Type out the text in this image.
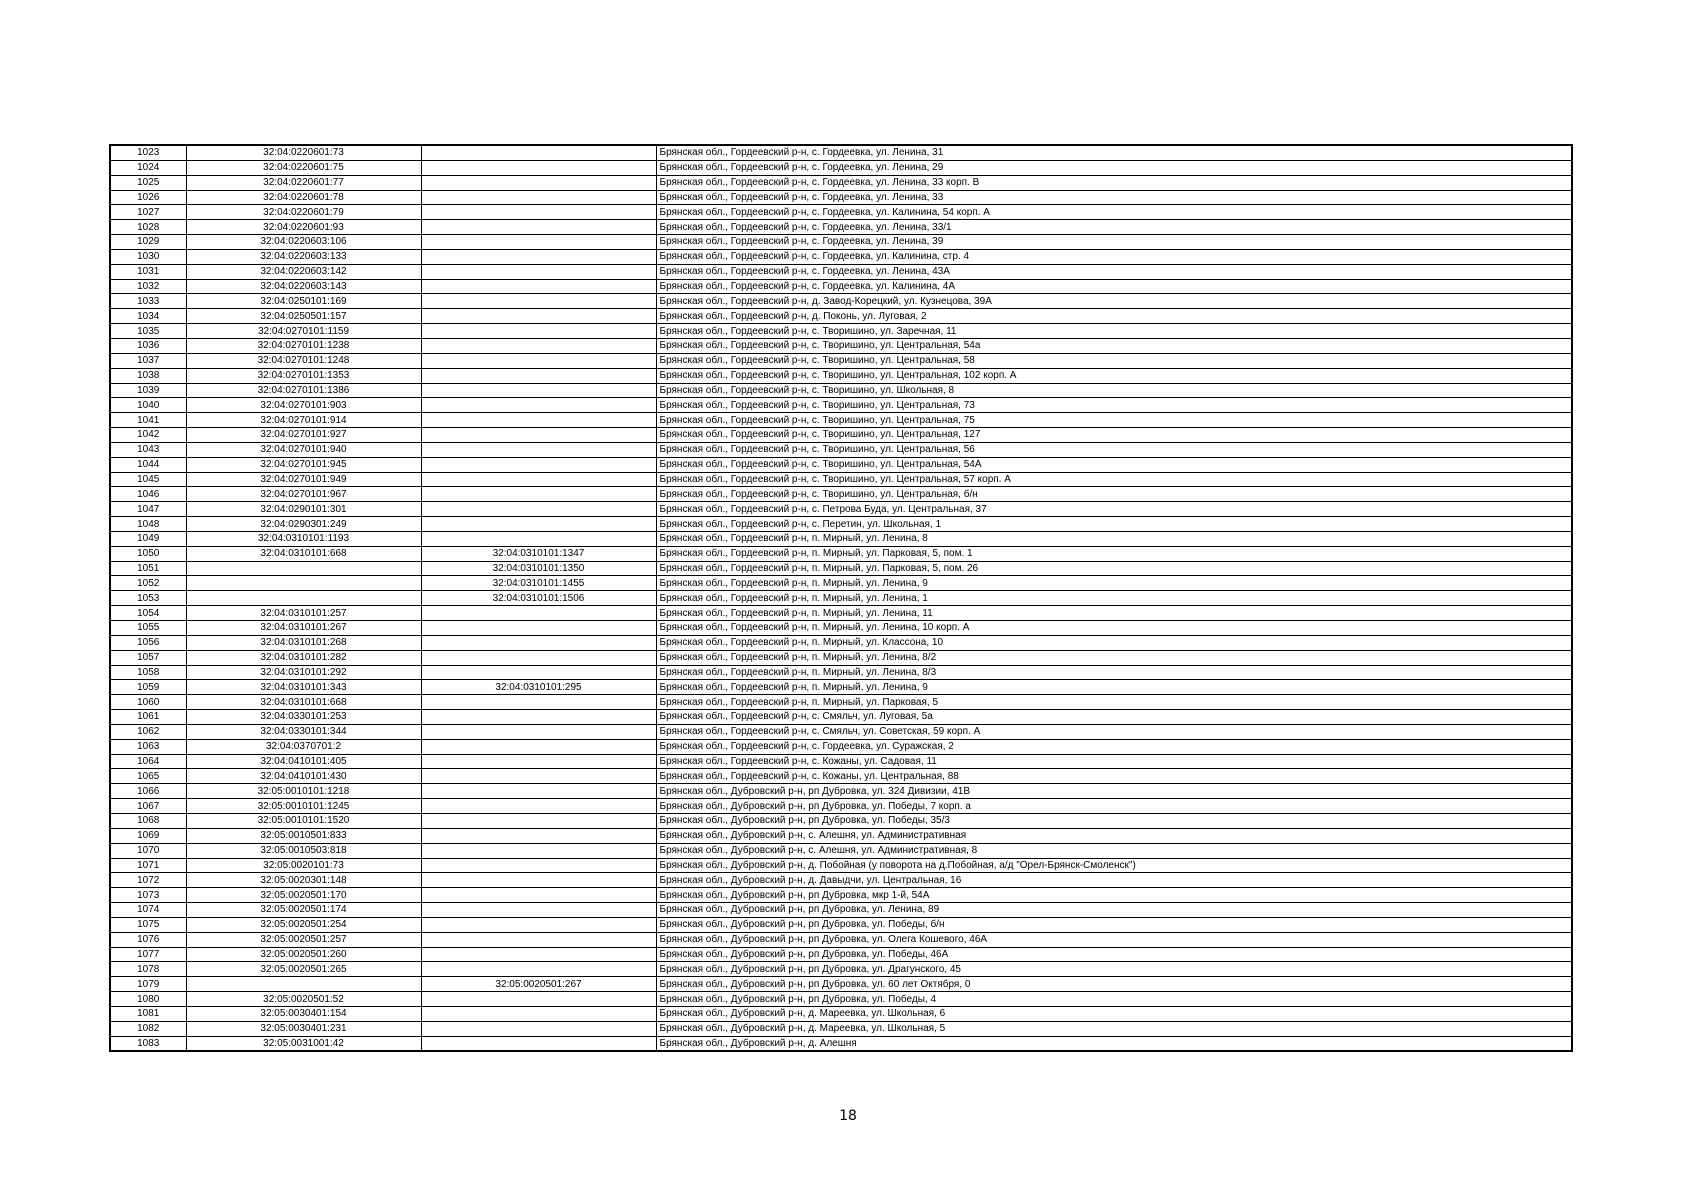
1023	32:04:0220601:73		Брянская обл., Гордеевский р-н, с. Гордеевка, ул. Ленина, 31
1024	32:04:0220601:75		Брянская обл., Гордеевский р-н, с. Гордеевка, ул. Ленина, 29
1025	32:04:0220601:77		Брянская обл., Гордеевский р-н, с. Гордеевка, ул. Ленина, 33 корп. В
1026	32:04:0220601:78		Брянская обл., Гордеевский р-н, с. Гордеевка, ул. Ленина, 33
1027	32:04:0220601:79		Брянская обл., Гордеевский р-н, с. Гордеевка, ул. Калинина, 54 корп. А
1028	32:04:0220601:93		Брянская обл., Гордеевский р-н, с. Гордеевка, ул. Ленина, 33/1
1029	32:04:0220603:106		Брянская обл., Гордеевский р-н, с. Гордеевка, ул. Ленина, 39
1030	32:04:0220603:133		Брянская обл., Гордеевский р-н, с. Гордеевка, ул. Калинина, стр. 4
1031	32:04:0220603:142		Брянская обл., Гордеевский р-н, с. Гордеевка, ул. Ленина, 43А
1032	32:04:0220603:143		Брянская обл., Гордеевский р-н, с. Гордеевка, ул. Калинина, 4А
1033	32:04:0250101:169		Брянская обл., Гордеевский р-н, д. Завод-Корецкий, ул. Кузнецова, 39А
1034	32:04:0250501:157		Брянская обл., Гордеевский р-н, д. Поконь, ул. Луговая, 2
1035	32:04:0270101:1159		Брянская обл., Гордеевский р-н, с. Творишино, ул. Заречная, 11
1036	32:04:0270101:1238		Брянская обл., Гордеевский р-н, с. Творишино, ул. Центральная, 54а
1037	32:04:0270101:1248		Брянская обл., Гордеевский р-н, с. Творишино, ул. Центральная, 58
1038	32:04:0270101:1353		Брянская обл., Гордеевский р-н, с. Творишино, ул. Центральная, 102 корп. А
1039	32:04:0270101:1386		Брянская обл., Гордеевский р-н, с. Творишино, ул. Школьная, 8
1040	32:04:0270101:903		Брянская обл., Гордеевский р-н, с. Творишино, ул. Центральная, 73
1041	32:04:0270101:914		Брянская обл., Гордеевский р-н, с. Творишино, ул. Центральная, 75
1042	32:04:0270101:927		Брянская обл., Гордеевский р-н, с. Творишино, ул. Центральная, 127
1043	32:04:0270101:940		Брянская обл., Гордеевский р-н, с. Творишино, ул. Центральная, 56
1044	32:04:0270101:945		Брянская обл., Гордеевский р-н, с. Творишино, ул. Центральная, 54А
1045	32:04:0270101:949		Брянская обл., Гордеевский р-н, с. Творишино, ул. Центральная, 57 корп. А
1046	32:04:0270101:967		Брянская обл., Гордеевский р-н, с. Творишино, ул. Центральная, б/н
1047	32:04:0290101:301		Брянская обл., Гордеевский р-н, с. Петрова Буда, ул. Центральная, 37
1048	32:04:0290301:249		Брянская обл., Гордеевский р-н, с. Перетин, ул. Школьная, 1
1049	32:04:0310101:1193		Брянская обл., Гордеевский р-н, п. Мирный, ул. Ленина, 8
1050	32:04:0310101:668	32:04:0310101:1347	Брянская обл., Гордеевский р-н, п. Мирный, ул. Парковая, 5, пом. 1
1051		32:04:0310101:1350	Брянская обл., Гордеевский р-н, п. Мирный, ул. Парковая, 5, пом. 26
1052		32:04:0310101:1455	Брянская обл., Гордеевский р-н, п. Мирный, ул. Ленина, 9
1053		32:04:0310101:1506	Брянская обл., Гордеевский р-н, п. Мирный, ул. Ленина, 1
1054	32:04:0310101:257		Брянская обл., Гордеевский р-н, п. Мирный, ул. Ленина, 11
1055	32:04:0310101:267		Брянская обл., Гордеевский р-н, п. Мирный, ул. Ленина, 10 корп. А
1056	32:04:0310101:268		Брянская обл., Гордеевский р-н, п. Мирный, ул. Классона, 10
1057	32:04:0310101:282		Брянская обл., Гордеевский р-н, п. Мирный, ул. Ленина, 8/2
1058	32:04:0310101:292		Брянская обл., Гордеевский р-н, п. Мирный, ул. Ленина, 8/3
1059	32:04:0310101:343	32:04:0310101:295	Брянская обл., Гордеевский р-н, п. Мирный, ул. Ленина, 9
1060	32:04:0310101:668		Брянская обл., Гордеевский р-н, п. Мирный, ул. Парковая, 5
1061	32:04:0330101:253		Брянская обл., Гордеевский р-н, с. Смяльч, ул. Луговая, 5а
1062	32:04:0330101:344		Брянская обл., Гордеевский р-н, с. Смяльч, ул. Советская, 59 корп. А
1063	32:04:0370701:2		Брянская обл., Гордеевский р-н, с. Гордеевка, ул. Суражская, 2
1064	32:04:0410101:405		Брянская обл., Гордеевский р-н, с. Кожаны, ул. Садовая, 11
1065	32:04:0410101:430		Брянская обл., Гордеевский р-н, с. Кожаны, ул. Центральная, 88
1066	32:05:0010101:1218		Брянская обл., Дубровский р-н, рп Дубровка, ул. 324 Дивизии, 41В
1067	32:05:0010101:1245		Брянская обл., Дубровский р-н, рп Дубровка, ул. Победы, 7 корп. а
1068	32:05:0010101:1520		Брянская обл., Дубровский р-н, рп Дубровка, ул. Победы, 35/3
1069	32:05:0010501:833		Брянская обл., Дубровский р-н, с. Алешня, ул. Административная
1070	32:05:0010503:818		Брянская обл., Дубровский р-н, с. Алешня, ул. Административная, 8
1071	32:05:0020101:73		Брянская обл., Дубровский р-н, д. Побойная (у поворота на д.Побойная, а/д "Орел-Брянск-Смоленск")
1072	32:05:0020301:148		Брянская обл., Дубровский р-н, д. Давыдчи, ул. Центральная, 16
1073	32:05:0020501:170		Брянская обл., Дубровский р-н, рп Дубровка, мкр 1-й, 54А
1074	32:05:0020501:174		Брянская обл., Дубровский р-н, рп Дубровка, ул. Ленина, 89
1075	32:05:0020501:254		Брянская обл., Дубровский р-н, рп Дубровка, ул. Победы, б/н
1076	32:05:0020501:257		Брянская обл., Дубровский р-н, рп Дубровка, ул. Олега Кошевого, 46А
1077	32:05:0020501:260		Брянская обл., Дубровский р-н, рп Дубровка, ул. Победы, 46А
1078	32:05:0020501:265		Брянская обл., Дубровский р-н, рп Дубровка, ул. Драгунского, 45
1079		32:05:0020501:267	Брянская обл., Дубровский р-н, рп Дубровка, ул. 60 лет Октября, 0
1080	32:05:0020501:52		Брянская обл., Дубровский р-н, рп Дубровка, ул. Победы, 4
1081	32:05:0030401:154		Брянская обл., Дубровский р-н, д. Мареевка, ул. Школьная, 6
1082	32:05:0030401:231		Брянская обл., Дубровский р-н, д. Мареевка, ул. Школьная, 5
1083	32:05:0031001:42		Брянская обл., Дубровский р-н, д. Алешня
18
